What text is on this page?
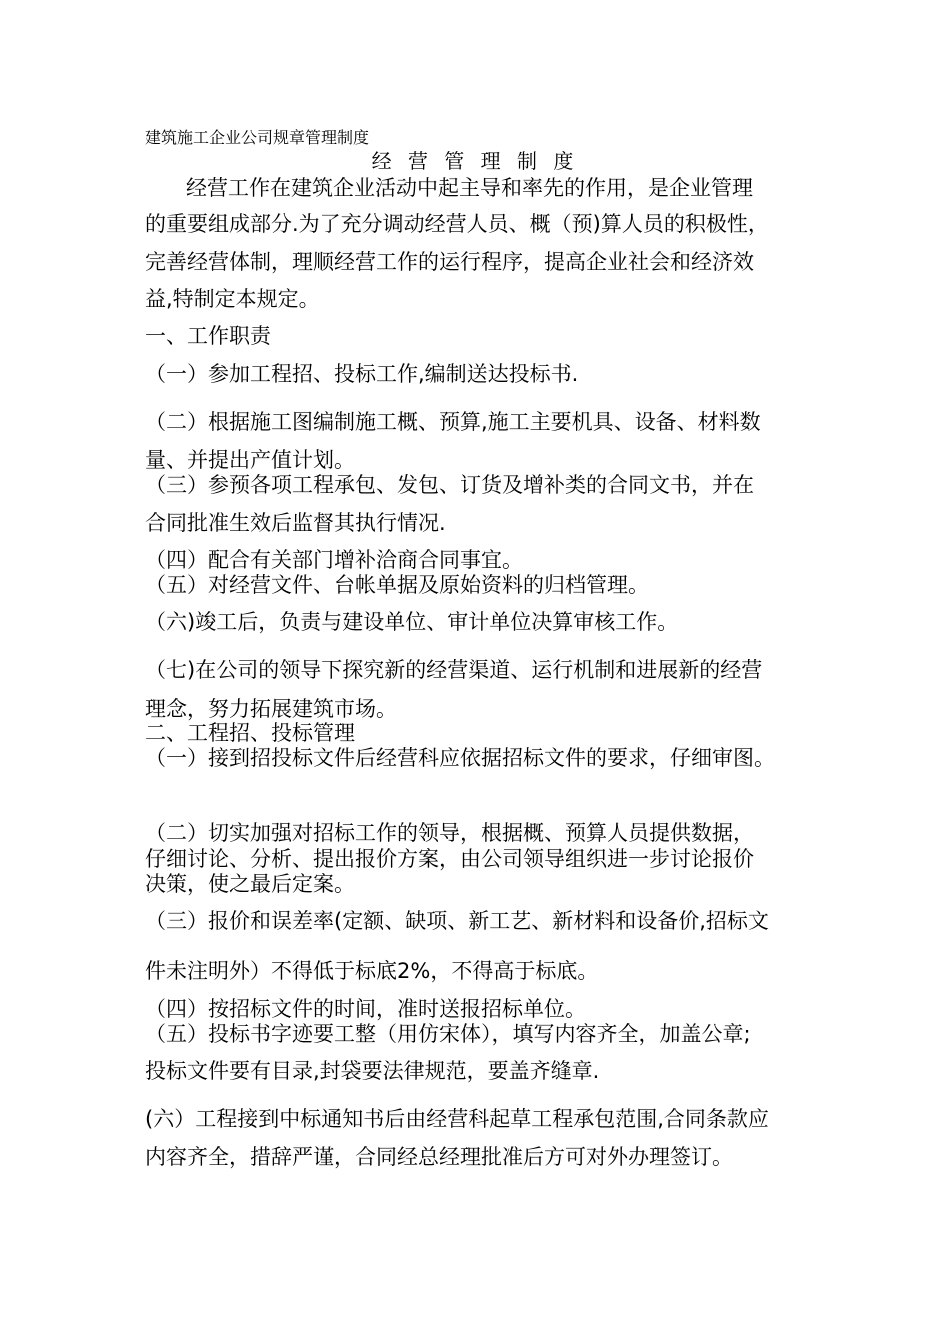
建筑施工企业公司规章管理制度
经 营 管 理 制 度
经营工作在建筑企业活动中起主导和率先的作用，是企业管理
的重要组成部分.为了充分调动经营人员、概（预)算人员的积极性，
完善经营体制，理顺经营工作的运行程序，提高企业社会和经济效
益,特制定本规定。
一、工作职责
（一）参加工程招、投标工作,编制送达投标书.
（二）根据施工图编制施工概、预算,施工主要机具、设备、材料数
量、并提出产值计划。
（三）参预各项工程承包、发包、订货及增补类的合同文书，并在
合同批准生效后监督其执行情况.
（四）配合有关部门增补洽商合同事宜。
（五）对经营文件、台帐单据及原始资料的归档管理。
（六)竣工后，负责与建设单位、审计单位决算审核工作。
（七)在公司的领导下探究新的经营渠道、运行机制和进展新的经营
理念，努力拓展建筑市场。
二、工程招、投标管理
（一）接到招投标文件后经营科应依据招标文件的要求，仔细审图。
（二）切实加强对招标工作的领导，根据概、预算人员提供数据，
仔细讨论、分析、提出报价方案，由公司领导组织进一步讨论报价
决策，使之最后定案。
（三）报价和误差率(定额、缺项、新工艺、新材料和设备价,招标文
件未注明外）不得低于标底2%，不得高于标底。
（四）按招标文件的时间，准时送报招标单位。
（五）投标书字迹要工整（用仿宋体），填写内容齐全，加盖公章;
投标文件要有目录,封袋要法律规范，要盖齐缝章.
(六）工程接到中标通知书后由经营科起草工程承包范围,合同条款应
内容齐全，措辞严谨，合同经总经理批准后方可对外办理签订。
